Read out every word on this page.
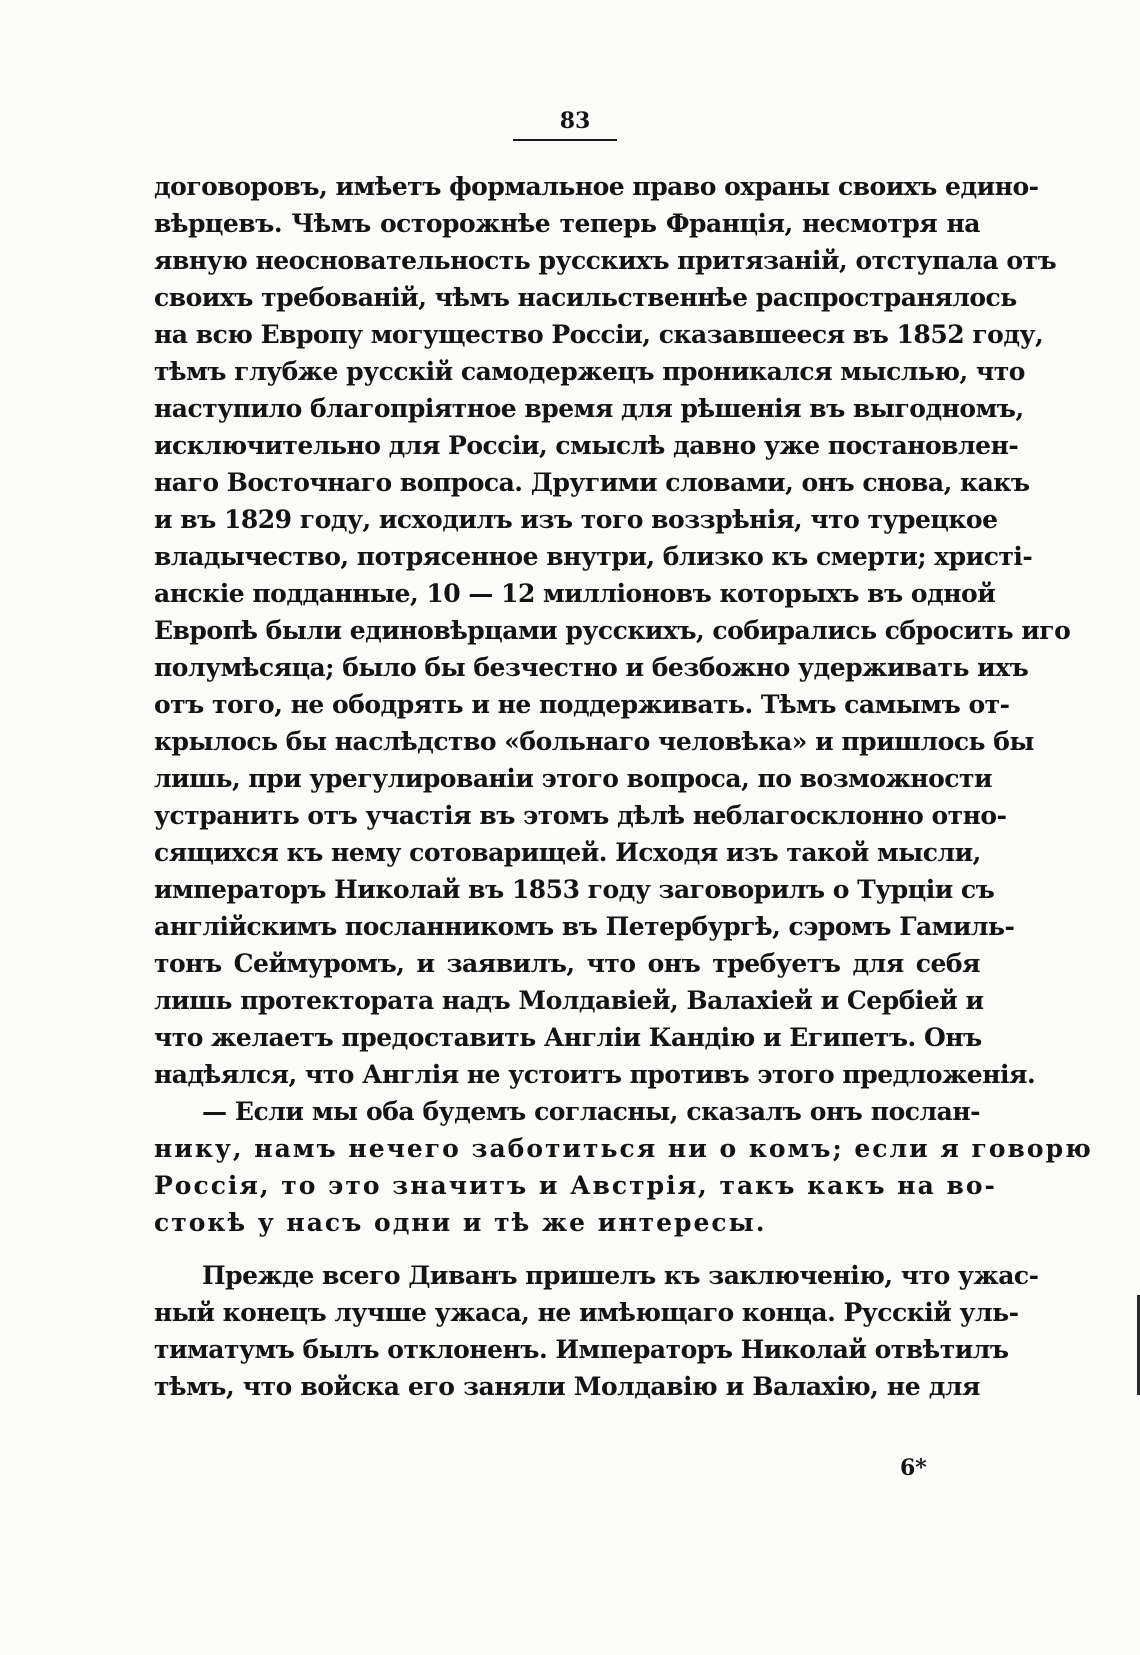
83
договоровъ, имѣетъ формальное право охраны своихъ едино-
вѣрцевъ. Чѣмъ осторожнѣе теперь Франція, несмотря на
явную неосновательность русскихъ притязаній, отступала отъ
своихъ требованій, чѣмъ насильственнѣе распространялось
на всю Европу могущество Россіи, сказавшееся въ 1852 году,
тѣмъ глубже русскій самодержецъ проникался мыслью, что
наступило благопріятное время для рѣшенія въ выгодномъ,
исключительно для Россіи, смыслѣ давно уже постановлен-
наго Восточнаго вопроса. Другими словами, онъ снова, какъ
и въ 1829 году, исходилъ изъ того воззрѣнія, что турецкое
владычество, потрясенное внутри, близко къ смерти; христі-
анскіе подданные, 10 — 12 милліоновъ которыхъ въ одной
Европѣ были единовѣрцами русскихъ, собирались сбросить иго
полумѣсяца; было бы безчестно и безбожно удерживать ихъ
отъ того, не ободрять и не поддерживать. Тѣмъ самымъ от-
крылось бы наслѣдство «больнаго человѣка» и пришлось бы
лишь, при урегулированіи этого вопроса, по возможности
устранить отъ участія въ этомъ дѣлѣ неблагосклонно отно-
сящихся къ нему сотоварищей. Исходя изъ такой мысли,
императоръ Николай въ 1853 году заговорилъ о Турціи съ
англійскимъ посланникомъ въ Петербургѣ, сэромъ Гамиль-
тонъ Сеймуромъ, и заявилъ, что онъ требуетъ для себя
лишь протектората надъ Молдавіей, Валахіей и Сербіей и
что желаетъ предоставить Англіи Кандію и Египетъ. Онъ
надѣялся, что Англія не устоитъ противъ этого предложенія.
— Если мы оба будемъ согласны, сказалъ онъ послан-
нику, намъ нечего заботиться ни о комъ; если я говорю
Россія, то это значитъ и Австрія, такъ какъ на во-
стокѣ у насъ одни и тѣ же интересы.
Прежде всего Диванъ пришелъ къ заключенію, что ужас-
ный конецъ лучше ужаса, не имѣющаго конца. Русскій уль-
тиматумъ былъ отклоненъ. Императоръ Николай отвѣтилъ
тѣмъ, что войска его заняли Молдавію и Валахію, не для
6*
